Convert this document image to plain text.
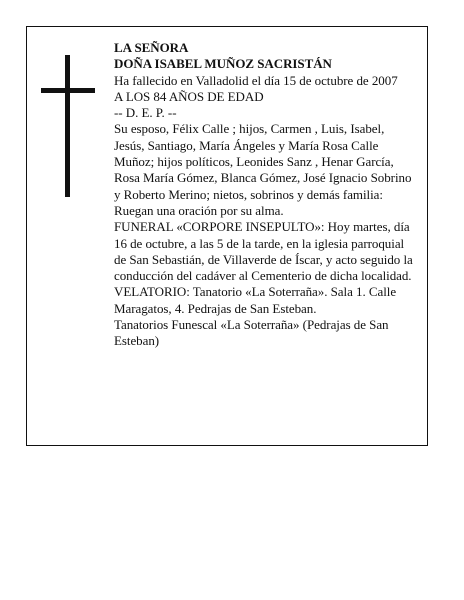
LA SEÑORA

DOÑA ISABEL MUÑOZ SACRISTÁN

Ha fallecido en Valladolid el día 15 de octubre de 2007

A LOS 84 AÑOS DE EDAD

-- D. E. P. --

Su esposo, Félix Calle ; hijos, Carmen , Luis, Isabel, Jesús, Santiago, María Ángeles y María Rosa Calle Muñoz; hijos políticos, Leonides Sanz , Henar García, Rosa María Gómez, Blanca Gómez, José Ignacio Sobrino y Roberto Merino; nietos, sobrinos y demás familia:

Ruegan una oración por su alma.

FUNERAL «CORPORE INSEPULTO»: Hoy martes, día 16 de octubre, a las 5 de la tarde, en la iglesia parroquial de San Sebastián, de Villaverde de Íscar, y acto seguido la conducción del cadáver al Cementerio de dicha localidad.

VELATORIO: Tanatorio «La Soterraña». Sala 1. Calle Maragatos, 4. Pedrajas de San Esteban.

Tanatorios Funescal «La Soterraña» (Pedrajas de San Esteban)
